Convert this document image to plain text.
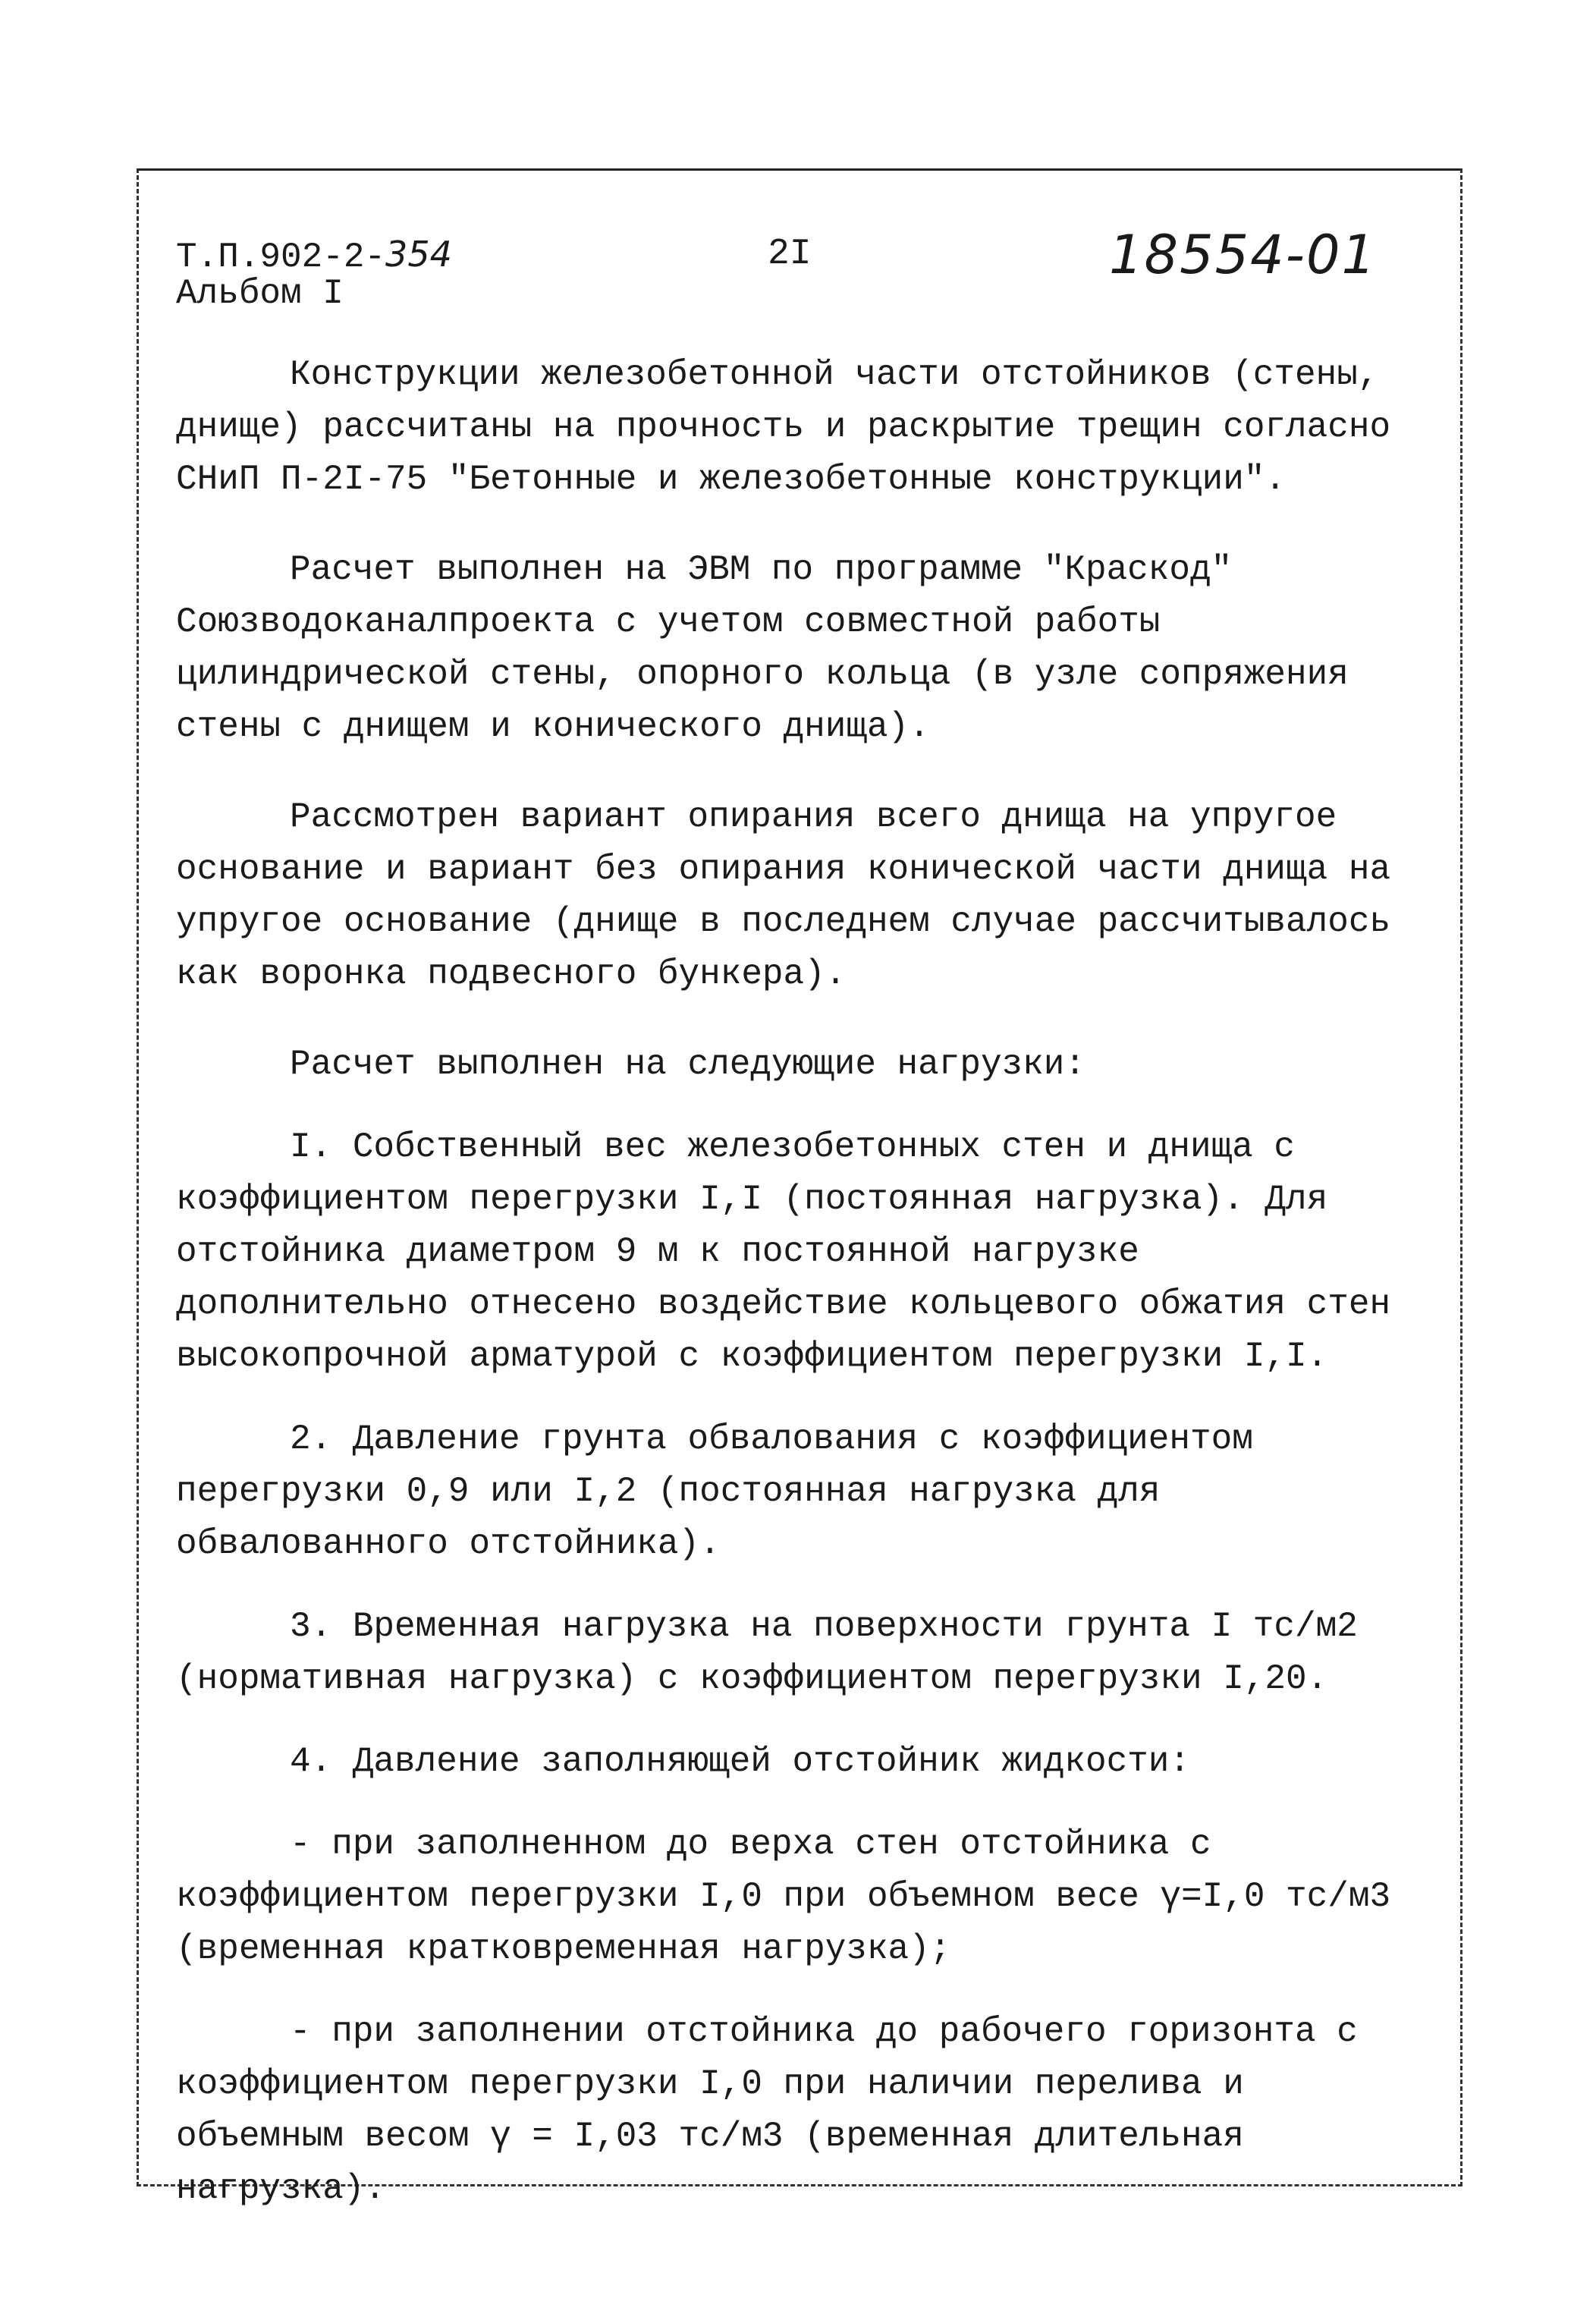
Т.П.902-2-354
Альбом I
2I	18554-01

Конструкции железобетонной части отстойников (стены, днище) рассчитаны на прочность и раскрытие трещин согласно СНиП П-2I-75 "Бетонные и железобетонные конструкции".

Расчет выполнен на ЭВМ по программе "Краскод" Союзводоканалпроекта с учетом совместной работы цилиндрической стены, опорного кольца (в узле сопряжения стены с днищем и конического днища).

Рассмотрен вариант опирания всего днища на упругое основание и вариант без опирания конической части днища на упругое основание (днище в последнем случае рассчитывалось как воронка подвесного бункера).

Расчет выполнен на следующие нагрузки:

I. Собственный вес железобетонных стен и днища с коэффициентом перегрузки I,I (постоянная нагрузка). Для отстойника диаметром 9 м к постоянной нагрузке дополнительно отнесено воздействие кольцевого обжатия стен высокопрочной арматурой с коэффициентом перегрузки I,I.

2. Давление грунта обвалования с коэффициентом перегрузки 0,9 или I,2 (постоянная нагрузка для обвалованного отстойника).

3. Временная нагрузка на поверхности грунта I тс/м2 (нормативная нагрузка) с коэффициентом перегрузки I,20.

4. Давление заполняющей отстойник жидкости:

- при заполненном до верха стен отстойника с коэффициентом перегрузки I,0 при объемном весе γ=I,0 тс/м3 (временная кратковременная нагрузка);

- при заполнении отстойника до рабочего горизонта с коэффициентом перегрузки I,0 при наличии перелива и объемным весом γ = I,03 тс/м3 (временная длительная нагрузка).
